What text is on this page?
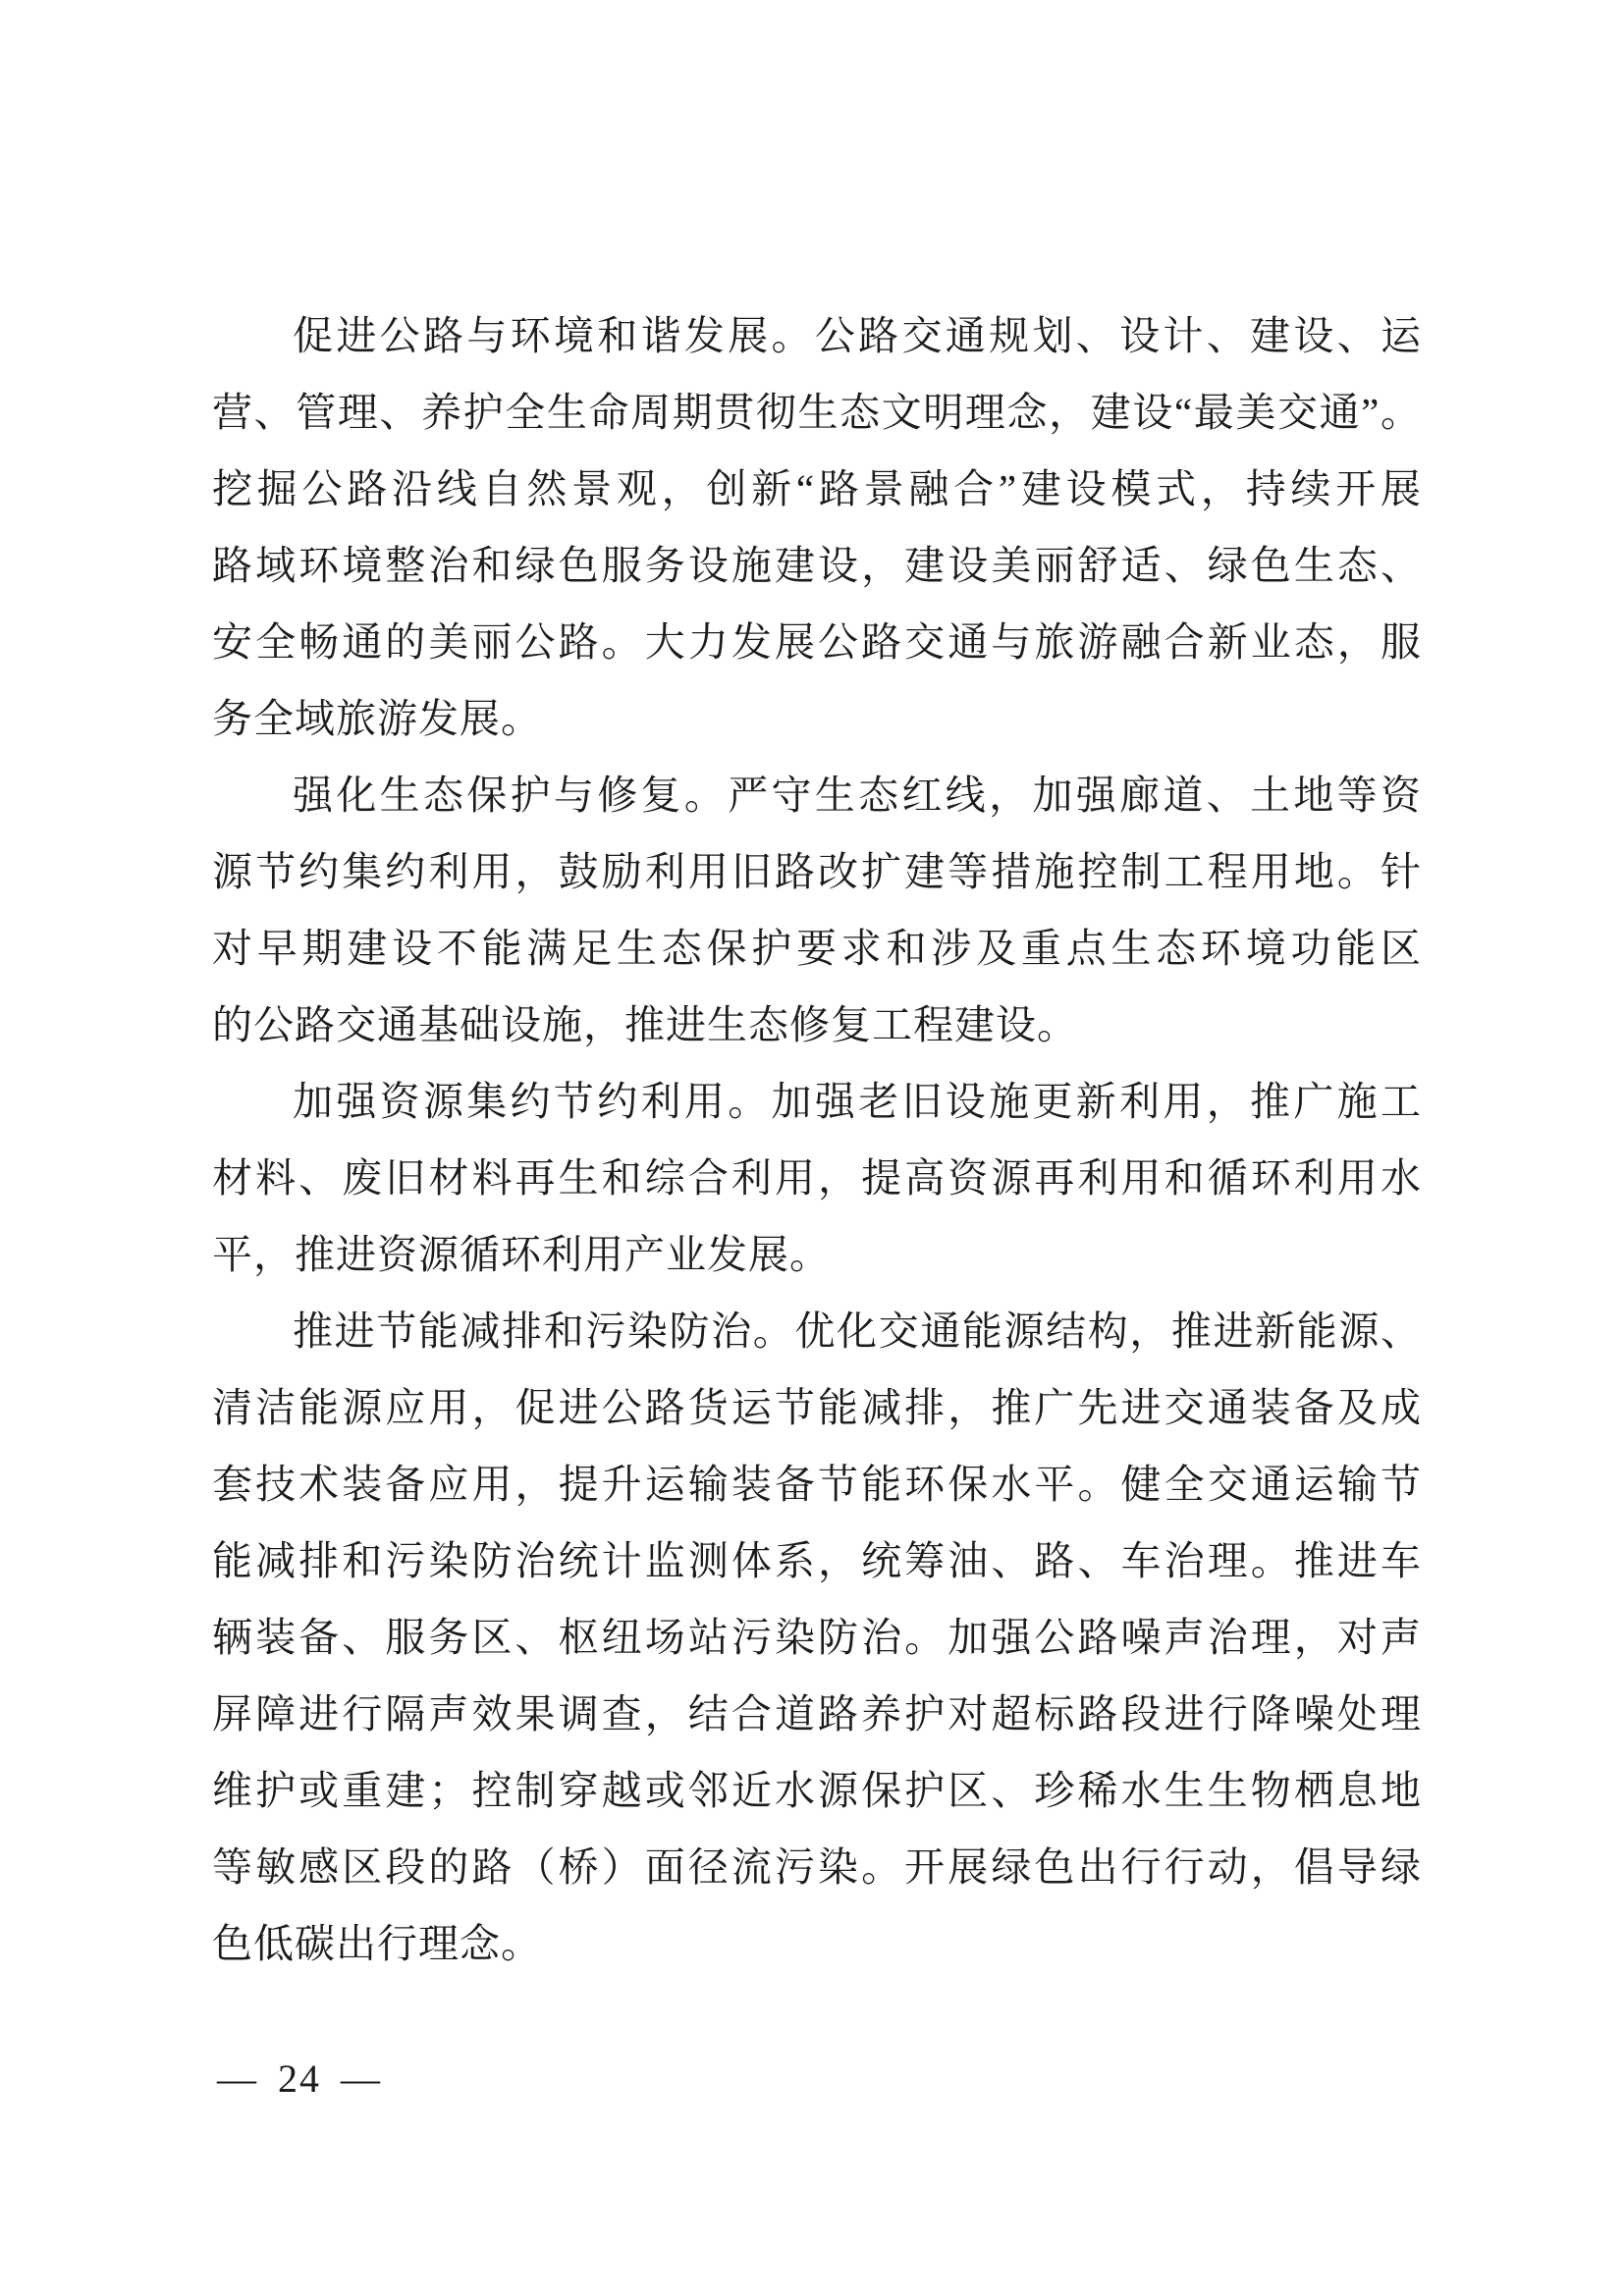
促进公路与环境和谐发展。公路交通规划、设计、建设、运
营、管理、养护全生命周期贯彻生态文明理念，建设“最美交通”。
挖掘公路沿线自然景观，创新“路景融合”建设模式，持续开展
路域环境整治和绿色服务设施建设，建设美丽舒适、绿色生态、
安全畅通的美丽公路。大力发展公路交通与旅游融合新业态，服
务全域旅游发展。
强化生态保护与修复。严守生态红线，加强廊道、土地等资
源节约集约利用，鼓励利用旧路改扩建等措施控制工程用地。针
对早期建设不能满足生态保护要求和涉及重点生态环境功能区
的公路交通基础设施，推进生态修复工程建设。
加强资源集约节约利用。加强老旧设施更新利用，推广施工
材料、废旧材料再生和综合利用，提高资源再利用和循环利用水
平，推进资源循环利用产业发展。
推进节能减排和污染防治。优化交通能源结构，推进新能源、
清洁能源应用，促进公路货运节能减排，推广先进交通装备及成
套技术装备应用，提升运输装备节能环保水平。健全交通运输节
能减排和污染防治统计监测体系，统筹油、路、车治理。推进车
辆装备、服务区、枢纽场站污染防治。加强公路噪声治理，对声
屏障进行隔声效果调查，结合道路养护对超标路段进行降噪处理
维护或重建；控制穿越或邻近水源保护区、珍稀水生生物栖息地
等敏感区段的路（桥）面径流污染。开展绿色出行行动，倡导绿
色低碳出行理念。
— 24 —
